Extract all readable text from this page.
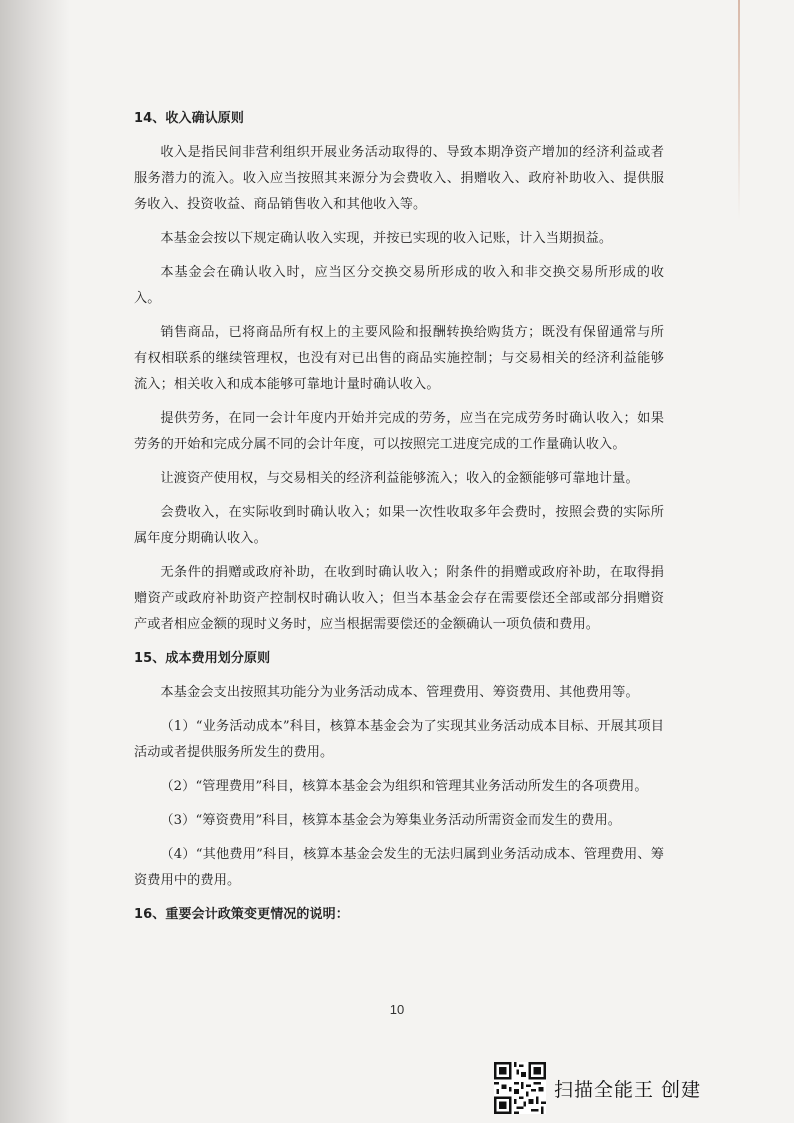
14、收入确认原则
收入是指民间非营利组织开展业务活动取得的、导致本期净资产增加的经济利益或者服务潜力的流入。收入应当按照其来源分为会费收入、捐赠收入、政府补助收入、提供服务收入、投资收益、商品销售收入和其他收入等。
本基金会按以下规定确认收入实现，并按已实现的收入记账，计入当期损益。
本基金会在确认收入时，应当区分交换交易所形成的收入和非交换交易所形成的收入。
销售商品，已将商品所有权上的主要风险和报酬转换给购货方；既没有保留通常与所有权相联系的继续管理权，也没有对已出售的商品实施控制；与交易相关的经济利益能够流入；相关收入和成本能够可靠地计量时确认收入。
提供劳务，在同一会计年度内开始并完成的劳务，应当在完成劳务时确认收入；如果劳务的开始和完成分属不同的会计年度，可以按照完工进度完成的工作量确认收入。
让渡资产使用权，与交易相关的经济利益能够流入；收入的金额能够可靠地计量。
会费收入，在实际收到时确认收入；如果一次性收取多年会费时，按照会费的实际所属年度分期确认收入。
无条件的捐赠或政府补助，在收到时确认收入；附条件的捐赠或政府补助，在取得捐赠资产或政府补助资产控制权时确认收入；但当本基金会存在需要偿还全部或部分捐赠资产或者相应金额的现时义务时，应当根据需要偿还的金额确认一项负债和费用。
15、成本费用划分原则
本基金会支出按照其功能分为业务活动成本、管理费用、筹资费用、其他费用等。
（1）“业务活动成本”科目，核算本基金会为了实现其业务活动成本目标、开展其项目活动或者提供服务所发生的费用。
（2）“管理费用”科目，核算本基金会为组织和管理其业务活动所发生的各项费用。
（3）“筹资费用”科目，核算本基金会为筹集业务活动所需资金而发生的费用。
（4）“其他费用”科目，核算本基金会发生的无法归属到业务活动成本、管理费用、筹资费用中的费用。
16、重要会计政策变更情况的说明：
10
扫描全能王 创建
